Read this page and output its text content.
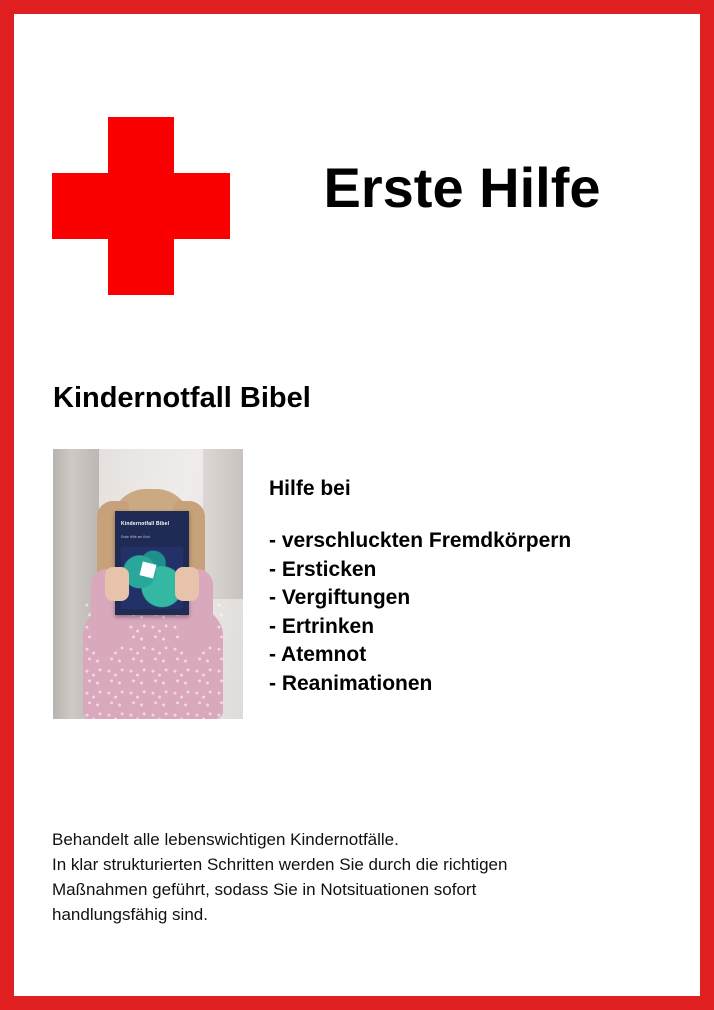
Erste Hilfe
Kindernotfall Bibel
Kindernotfall Bibel
Erste Hilfe am Kind
Hilfe bei
- verschluckten Fremdkörpern
- Ersticken
- Vergiftungen
- Ertrinken
- Atemnot
- Reanimationen
Behandelt alle lebenswichtigen Kindernotfälle.
In klar strukturierten Schritten werden Sie durch die richtigen
Maßnahmen geführt, sodass Sie in Notsituationen sofort
handlungsfähig sind.
